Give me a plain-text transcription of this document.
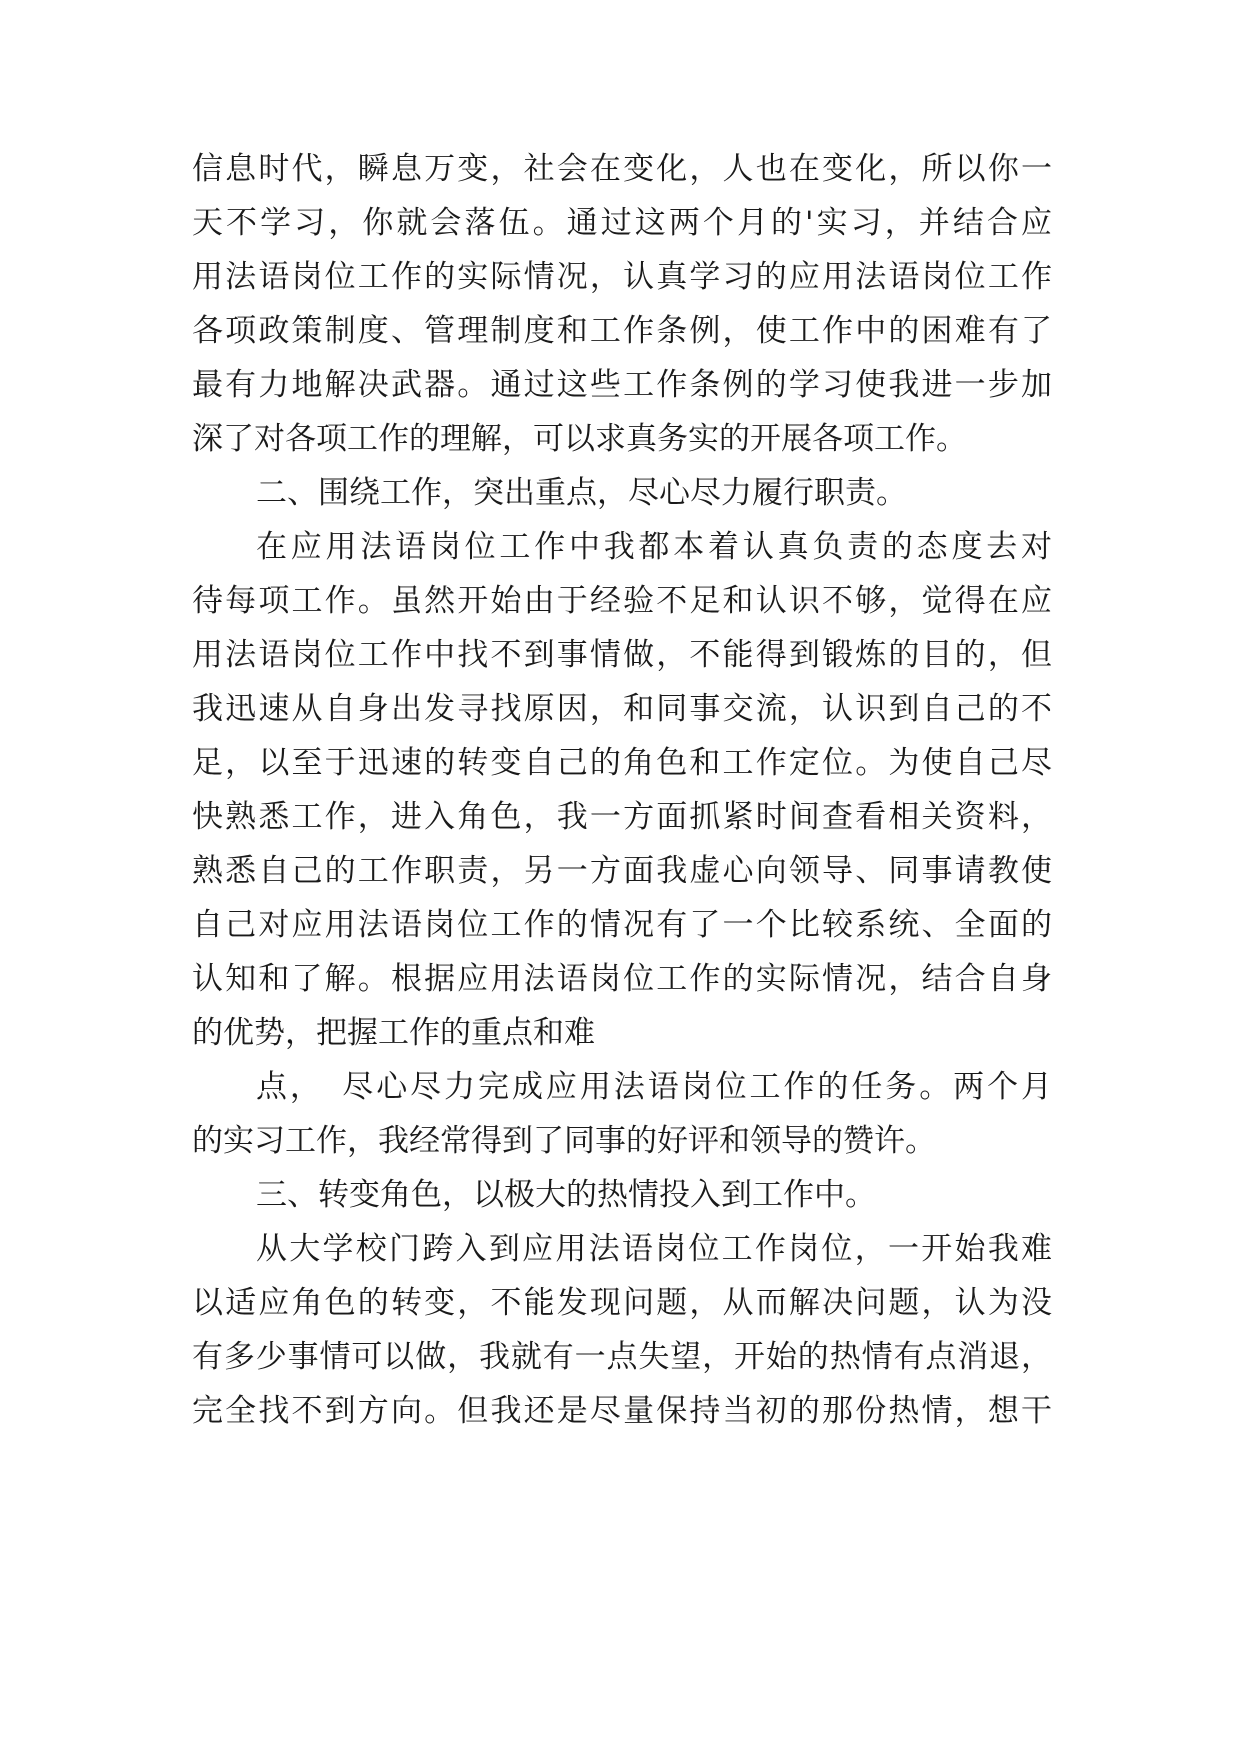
信息时代，瞬息万变，社会在变化，人也在变化，所以你一
天不学习，你就会落伍。通过这两个月的'实习，并结合应
用法语岗位工作的实际情况，认真学习的应用法语岗位工作
各项政策制度、管理制度和工作条例，使工作中的困难有了
最有力地解决武器。通过这些工作条例的学习使我进一步加
深了对各项工作的理解，可以求真务实的开展各项工作。
二、围绕工作，突出重点，尽心尽力履行职责。
在应用法语岗位工作中我都本着认真负责的态度去对
待每项工作。虽然开始由于经验不足和认识不够，觉得在应
用法语岗位工作中找不到事情做，不能得到锻炼的目的，但
我迅速从自身出发寻找原因，和同事交流，认识到自己的不
足，以至于迅速的转变自己的角色和工作定位。为使自己尽
快熟悉工作，进入角色，我一方面抓紧时间查看相关资料，
熟悉自己的工作职责，另一方面我虚心向领导、同事请教使
自己对应用法语岗位工作的情况有了一个比较系统、全面的
认知和了解。根据应用法语岗位工作的实际情况，结合自身
的优势，把握工作的重点和难
点，　尽心尽力完成应用法语岗位工作的任务。两个月
的实习工作，我经常得到了同事的好评和领导的赞许。
三、转变角色，以极大的热情投入到工作中。
从大学校门跨入到应用法语岗位工作岗位，一开始我难
以适应角色的转变，不能发现问题，从而解决问题，认为没
有多少事情可以做，我就有一点失望，开始的热情有点消退，
完全找不到方向。但我还是尽量保持当初的那份热情，想干
